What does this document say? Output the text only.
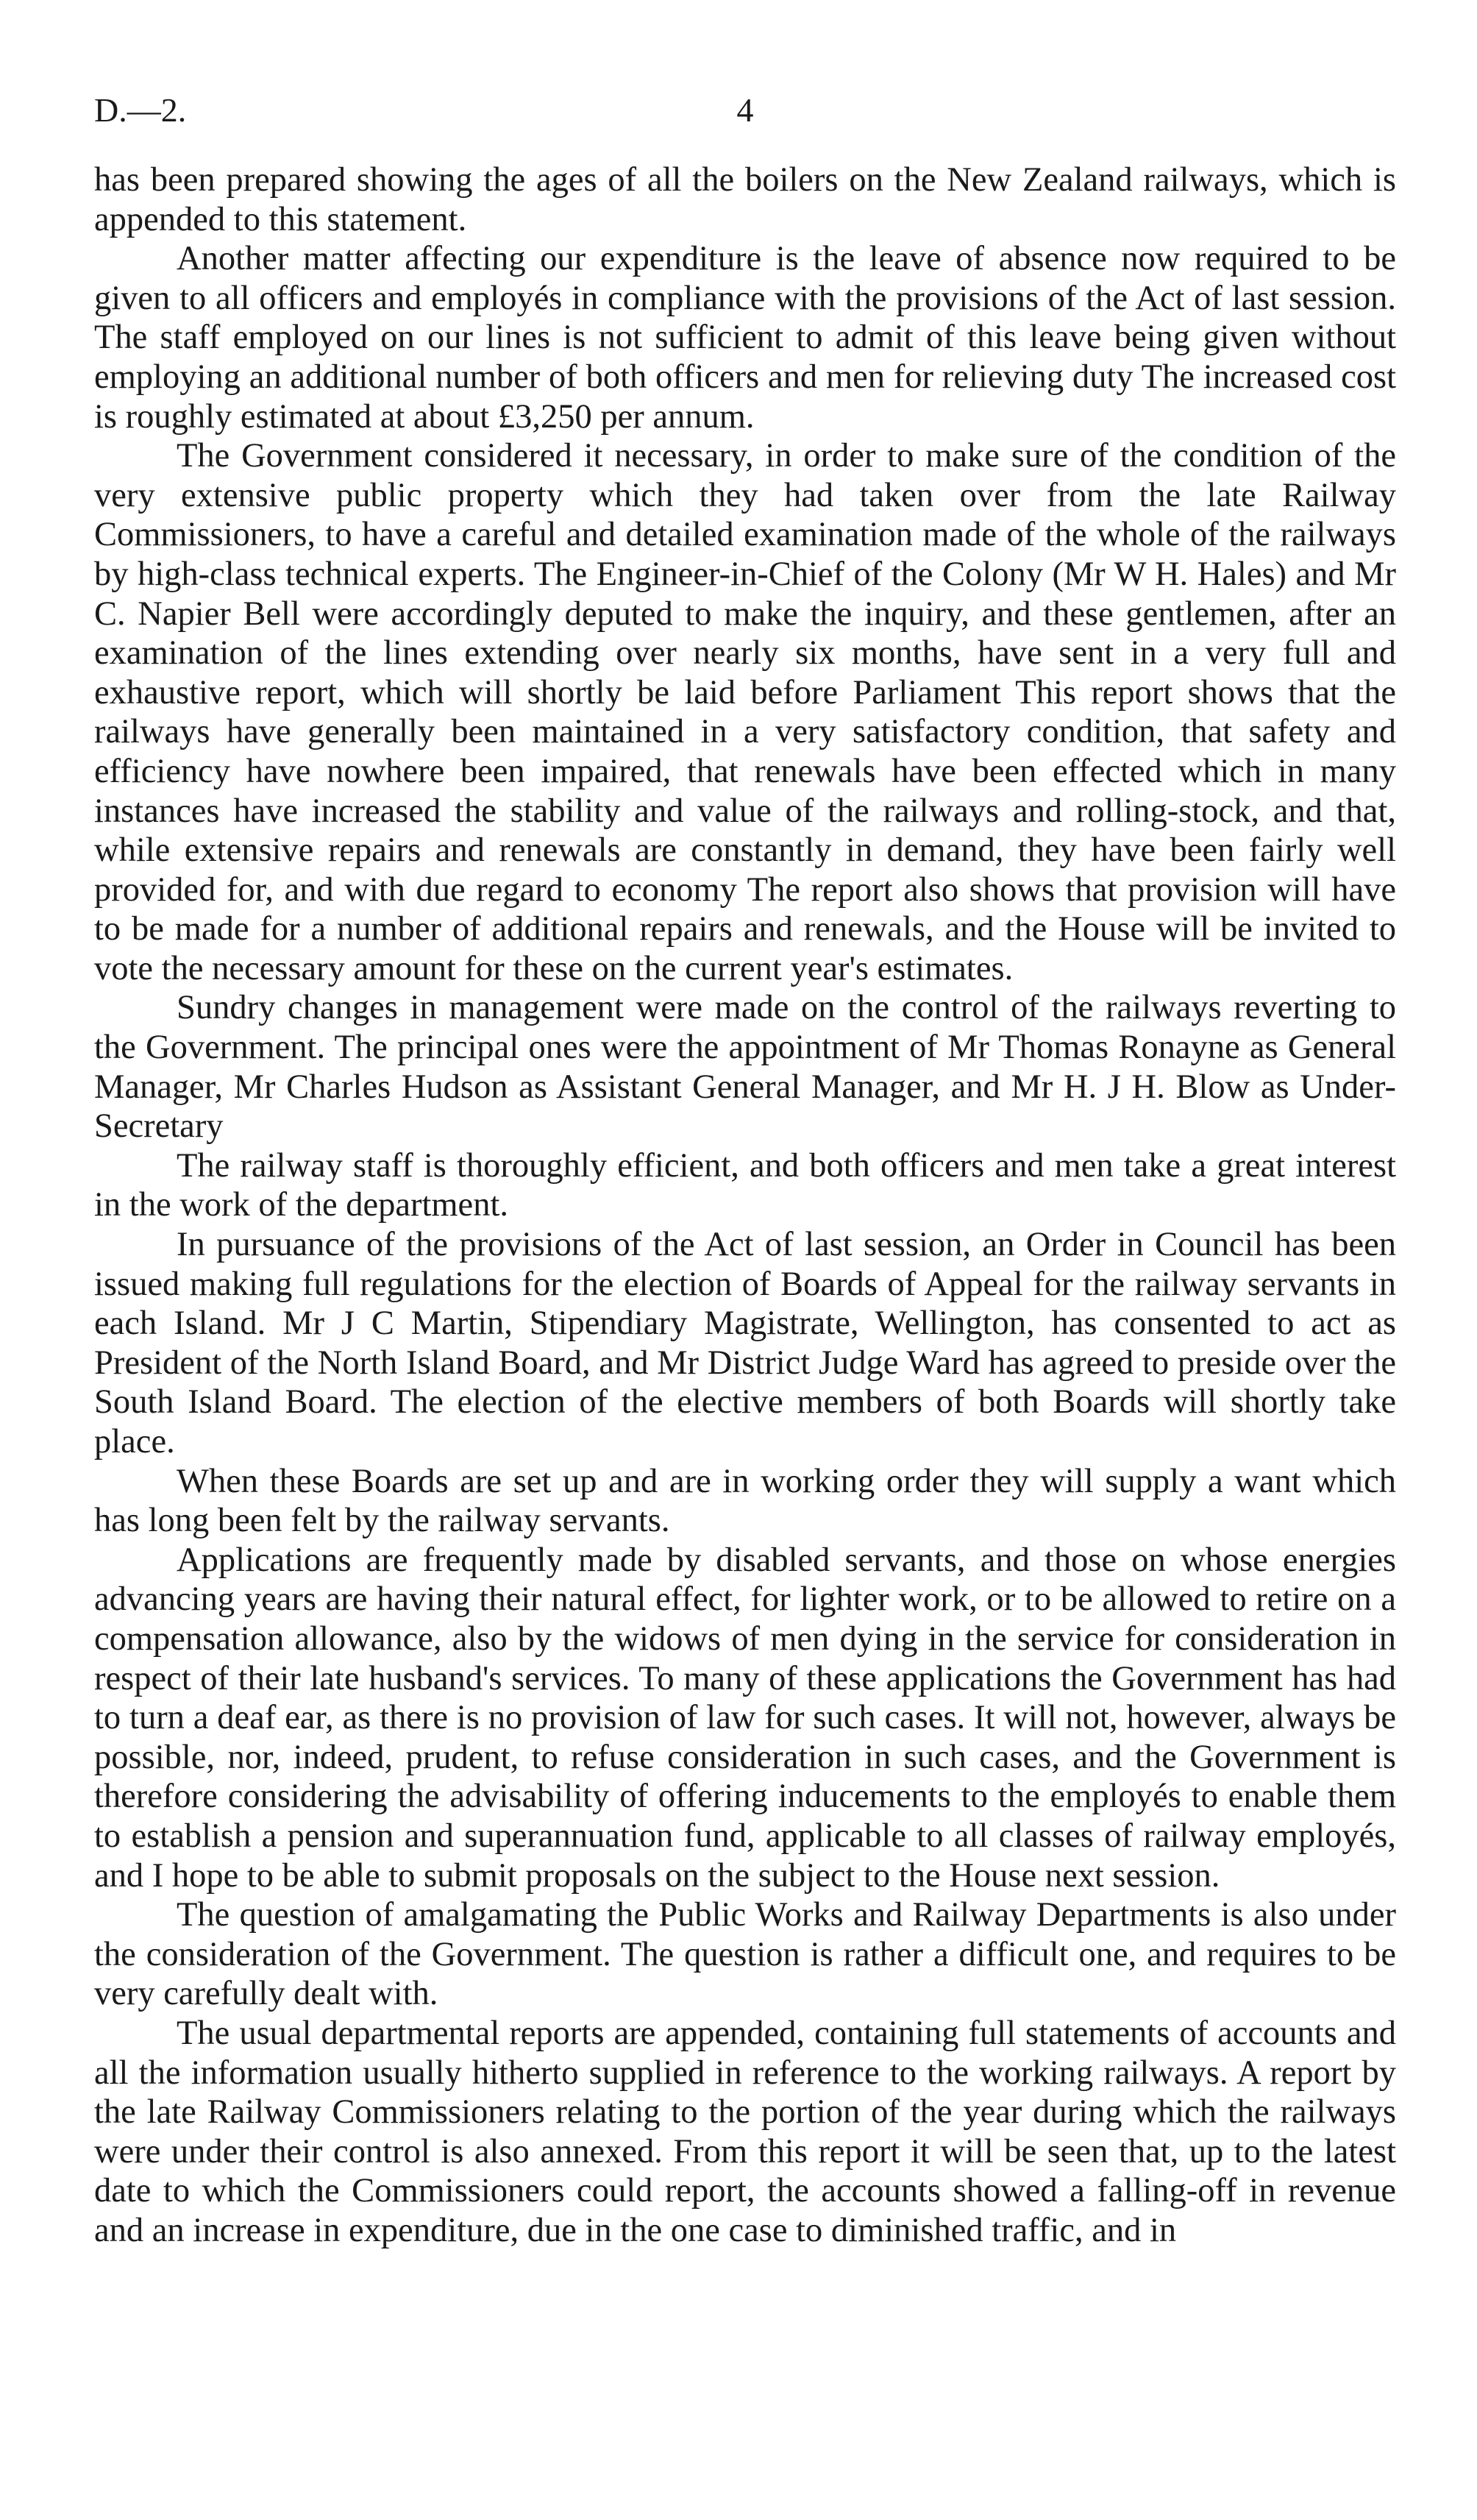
D.—2.	4

has been prepared showing the ages of all the boilers on the New Zealand railways, which is appended to this statement.

Another matter affecting our expenditure is the leave of absence now required to be given to all officers and employés in compliance with the provisions of the Act of last session. The staff employed on our lines is not sufficient to admit of this leave being given without employing an additional number of both officers and men for relieving duty The increased cost is roughly estimated at about £3,250 per annum.

The Government considered it necessary, in order to make sure of the condition of the very extensive public property which they had taken over from the late Railway Commissioners, to have a careful and detailed examination made of the whole of the railways by high-class technical experts. The Engineer-in-Chief of the Colony (Mr W H. Hales) and Mr C. Napier Bell were accordingly deputed to make the inquiry, and these gentlemen, after an examination of the lines extending over nearly six months, have sent in a very full and exhaustive report, which will shortly be laid before Parliament This report shows that the railways have generally been maintained in a very satisfactory condition, that safety and efficiency have nowhere been impaired, that renewals have been effected which in many instances have increased the stability and value of the railways and rolling-stock, and that, while extensive repairs and renewals are constantly in demand, they have been fairly well provided for, and with due regard to economy The report also shows that provision will have to be made for a number of additional repairs and renewals, and the House will be invited to vote the necessary amount for these on the current year's estimates.

Sundry changes in management were made on the control of the railways reverting to the Government. The principal ones were the appointment of Mr Thomas Ronayne as General Manager, Mr Charles Hudson as Assistant General Manager, and Mr H. J H. Blow as Under-Secretary

The railway staff is thoroughly efficient, and both officers and men take a great interest in the work of the department.

In pursuance of the provisions of the Act of last session, an Order in Council has been issued making full regulations for the election of Boards of Appeal for the railway servants in each Island. Mr J C Martin, Stipendiary Magistrate, Wellington, has consented to act as President of the North Island Board, and Mr District Judge Ward has agreed to preside over the South Island Board. The election of the elective members of both Boards will shortly take place.

When these Boards are set up and are in working order they will supply a want which has long been felt by the railway servants.

Applications are frequently made by disabled servants, and those on whose energies advancing years are having their natural effect, for lighter work, or to be allowed to retire on a compensation allowance, also by the widows of men dying in the service for consideration in respect of their late husband's services. To many of these applications the Government has had to turn a deaf ear, as there is no provision of law for such cases. It will not, however, always be possible, nor, indeed, prudent, to refuse consideration in such cases, and the Government is therefore considering the advisability of offering inducements to the employés to enable them to establish a pension and superannuation fund, applicable to all classes of railway employés, and I hope to be able to submit proposals on the subject to the House next session.

The question of amalgamating the Public Works and Railway Departments is also under the consideration of the Government. The question is rather a difficult one, and requires to be very carefully dealt with.

The usual departmental reports are appended, containing full statements of accounts and all the information usually hitherto supplied in reference to the working railways. A report by the late Railway Commissioners relating to the portion of the year during which the railways were under their control is also annexed. From this report it will be seen that, up to the latest date to which the Commissioners could report, the accounts showed a falling-off in revenue and an increase in expenditure, due in the one case to diminished traffic, and in
